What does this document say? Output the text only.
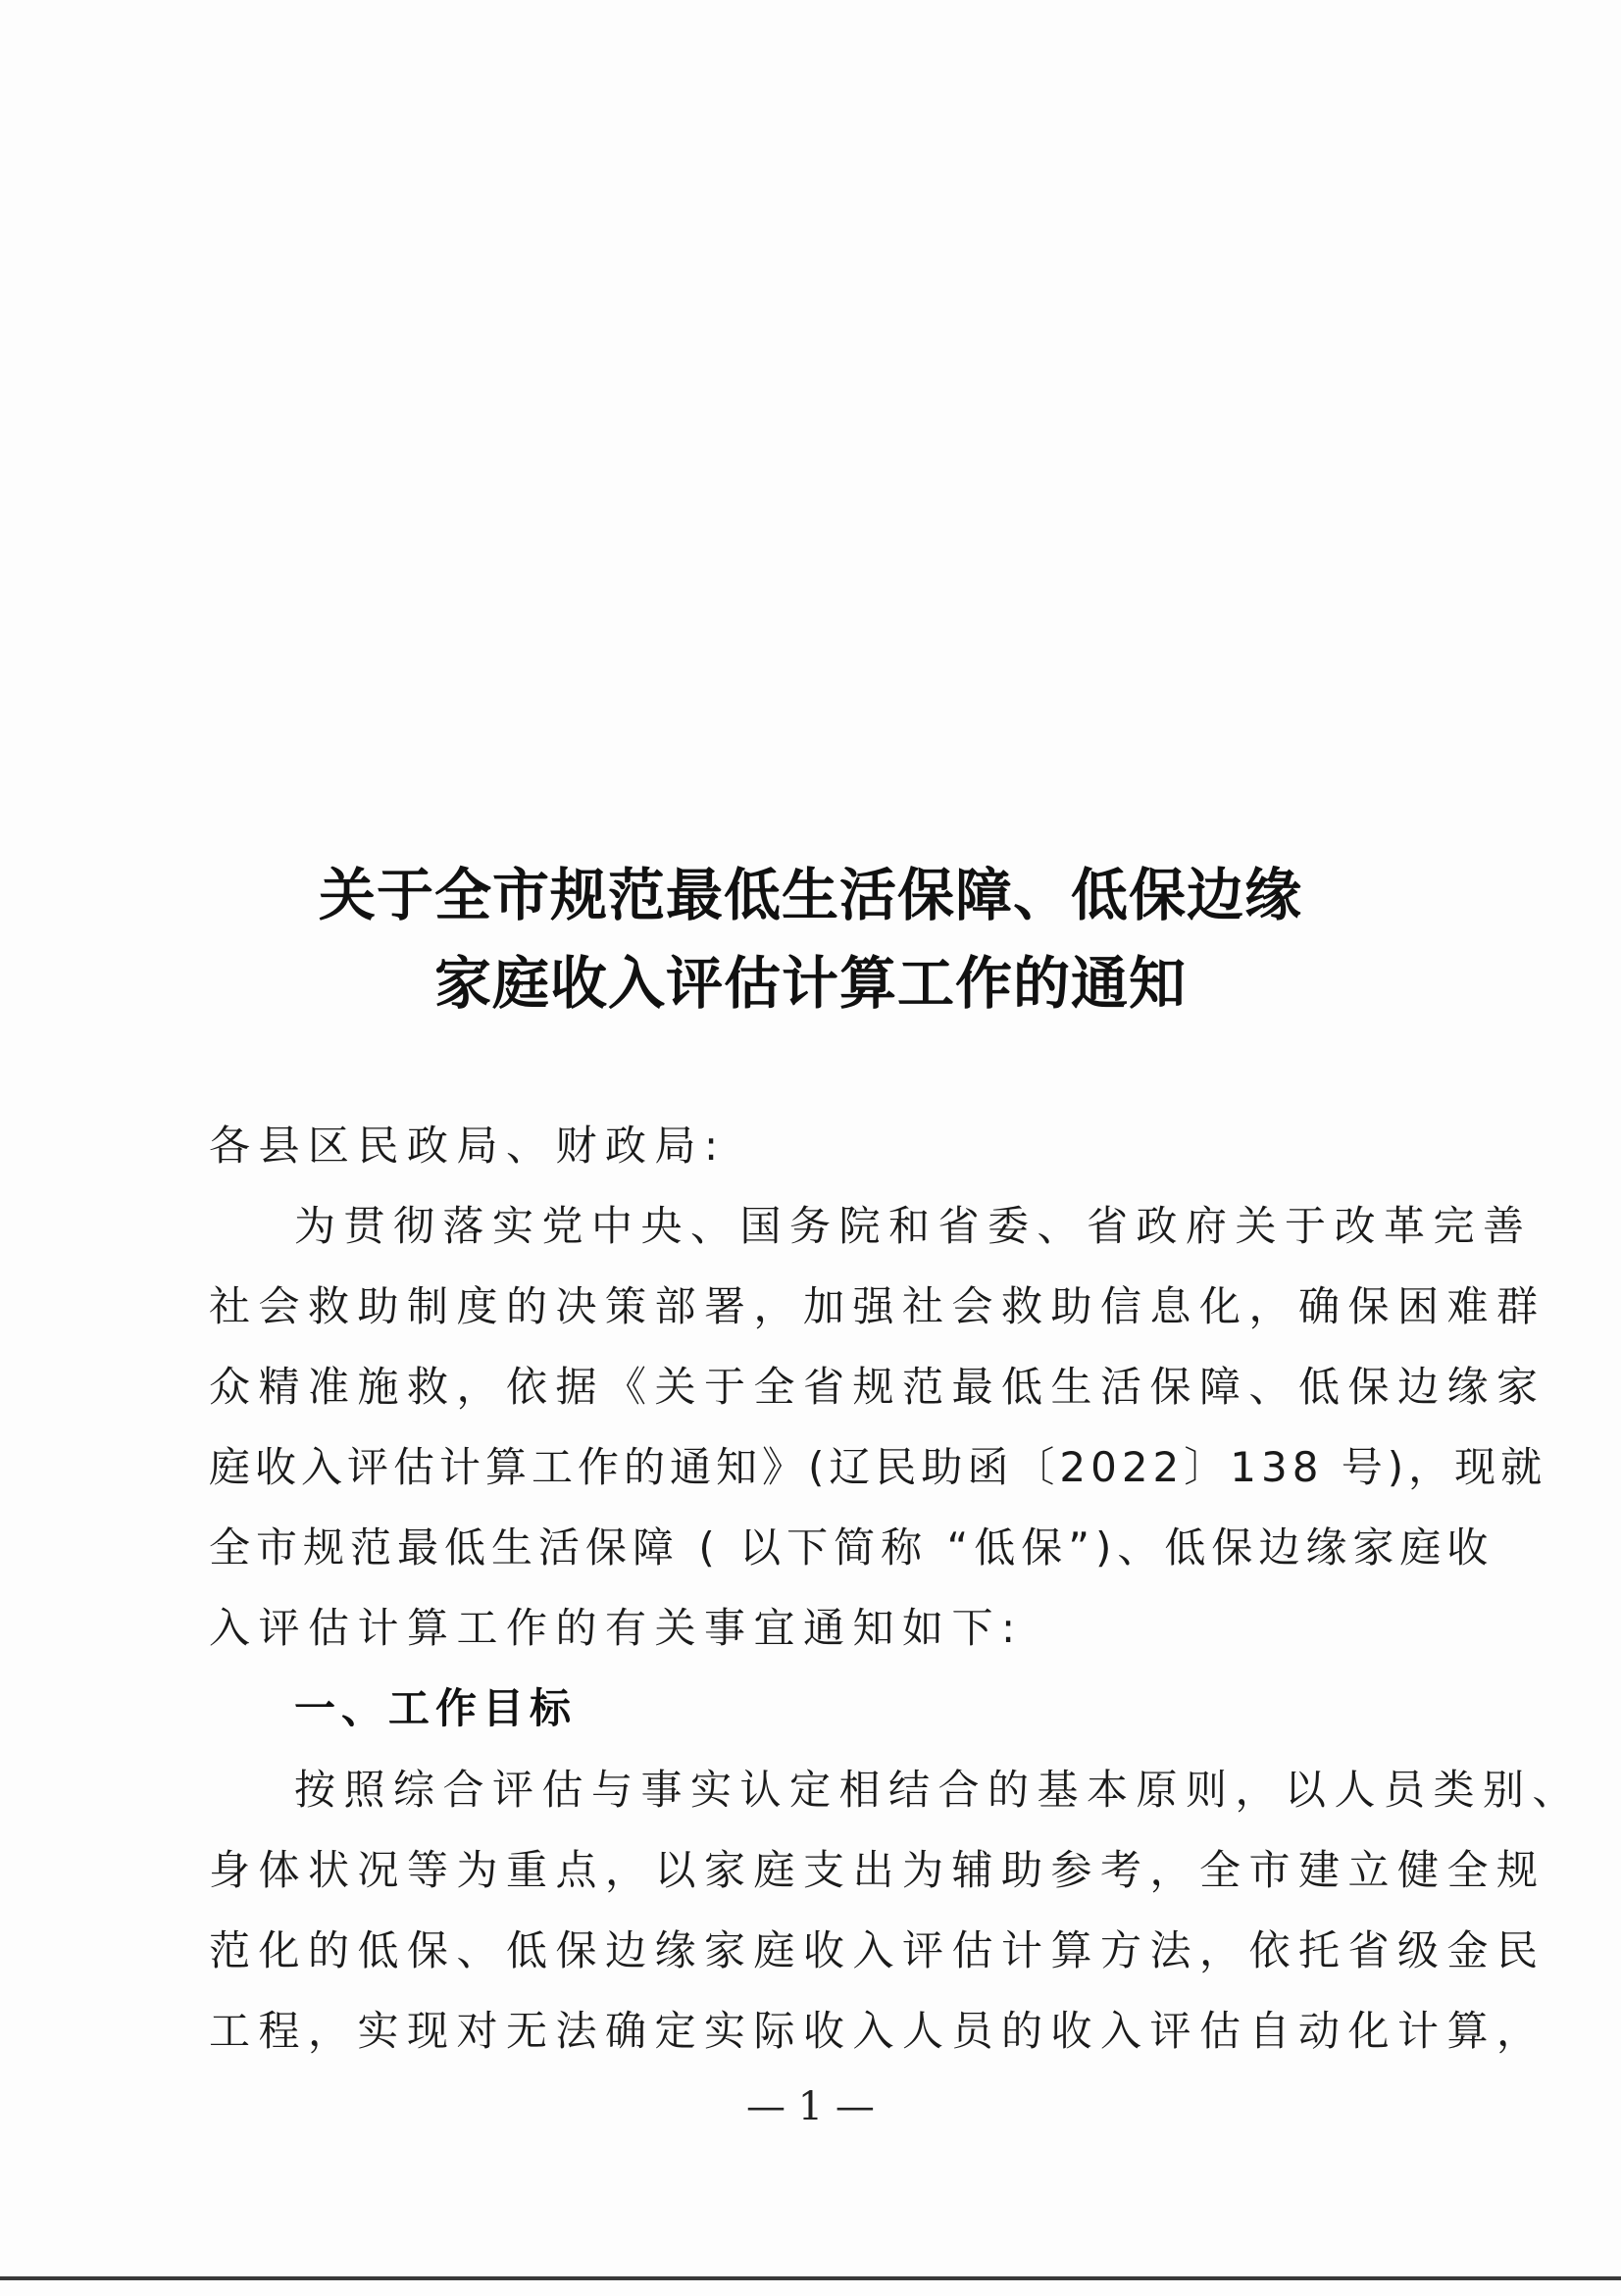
关于全市规范最低生活保障、低保边缘
家庭收入评估计算工作的通知
各县区民政局、财政局:
为贯彻落实党中央、国务院和省委、省政府关于改革完善
社会救助制度的决策部署，加强社会救助信息化，确保困难群
众精准施救，依据《关于全省规范最低生活保障、低保边缘家
庭收入评估计算工作的通知》(辽民助函〔2022〕138 号)，现就
全市规范最低生活保障 ( 以下简称 “低保”)、低保边缘家庭收
入评估计算工作的有关事宜通知如下:
一、工作目标
按照综合评估与事实认定相结合的基本原则，以人员类别、
身体状况等为重点，以家庭支出为辅助参考，全市建立健全规
范化的低保、低保边缘家庭收入评估计算方法，依托省级金民
工程，实现对无法确定实际收入人员的收入评估自动化计算，
— 1 —
